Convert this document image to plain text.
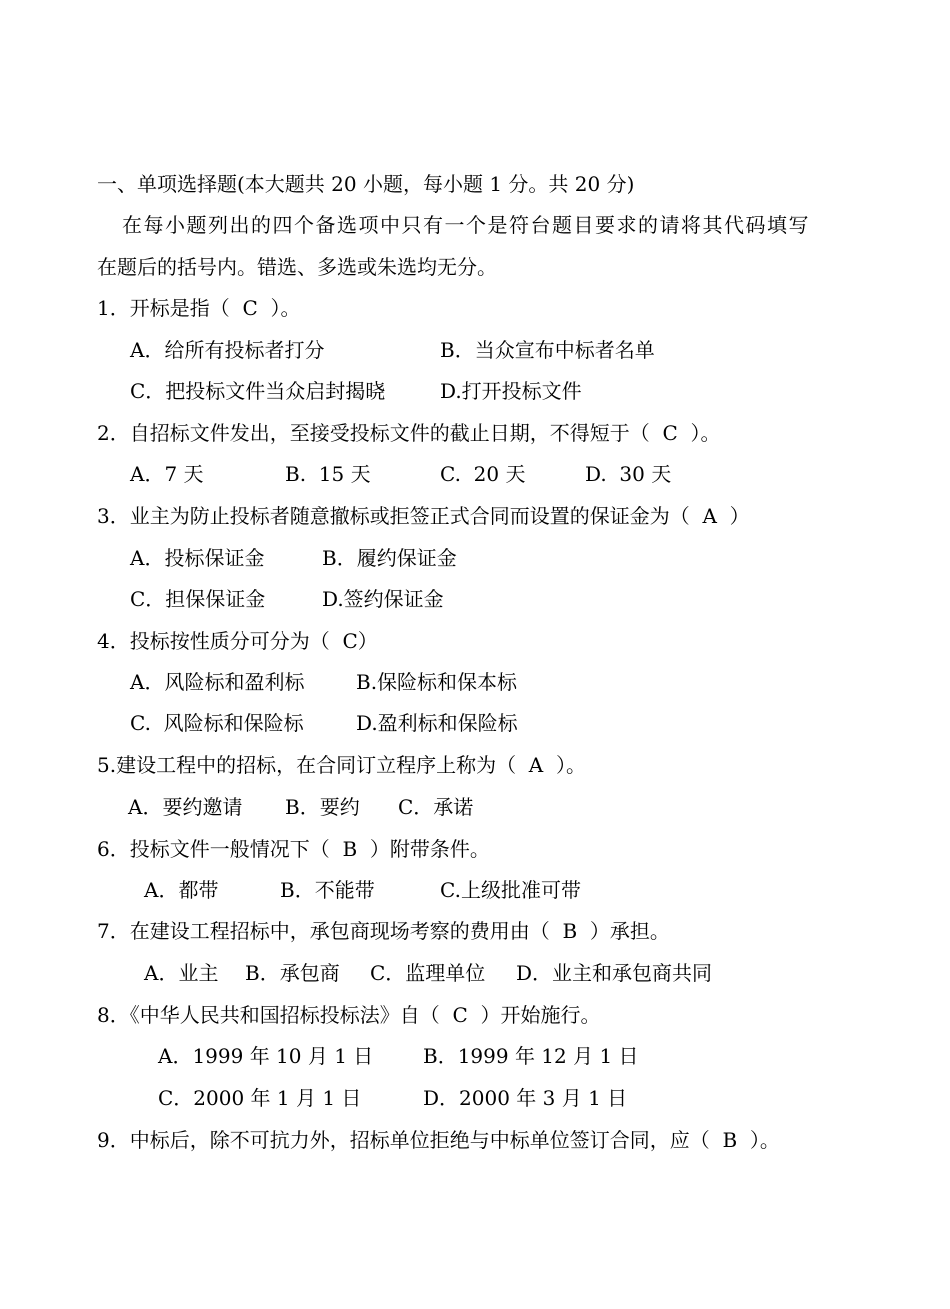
一、单项选择题(本大题共 20 小题，每小题 1 分。共 20 分)
在每小题列出的四个备选项中只有一个是符台题目要求的请将其代码填写
在题后的括号内。错选、多选或朱选均无分。
1．开标是指（  C  ）。
A．给所有投标者打分	B．当众宣布中标者名单
C．把投标文件当众启封揭晓	D.打开投标文件
2．自招标文件发出，至接受投标文件的截止日期，不得短于（  C  ）。
A．7 天	B.  15 天	C.  20 天	D.  30 天
3．业主为防止投标者随意撤标或拒签正式合同而设置的保证金为（  A  ）
A．投标保证金	B．履约保证金
C．担保保证金	D.签约保证金
4．投标按性质分可分为（  C）
A．风险标和盈利标	B.保险标和保本标
C.  风险标和保险标	D.盈利标和保险标
5.建设工程中的招标，在合同订立程序上称为（  A  ）。
A．要约邀请 B．要约 C．承诺
6．投标文件一般情况下（  B  ）附带条件。
A．都带	B．不能带	C.上级批准可带
7．在建设工程招标中，承包商现场考察的费用由（  B  ）承担。
A．业主 B．承包商 C．监理单位 D．业主和承包商共同
8．《中华人民共和国招标投标法》自（  C  ）开始施行。
A．1999 年 10 月 1 日 B．1999 年 12 月 1 日
C．2000 年 1 月 1 日	D．2000 年 3 月 1 日
9．中标后，除不可抗力外，招标单位拒绝与中标单位签订合同，应（  B  ）。
